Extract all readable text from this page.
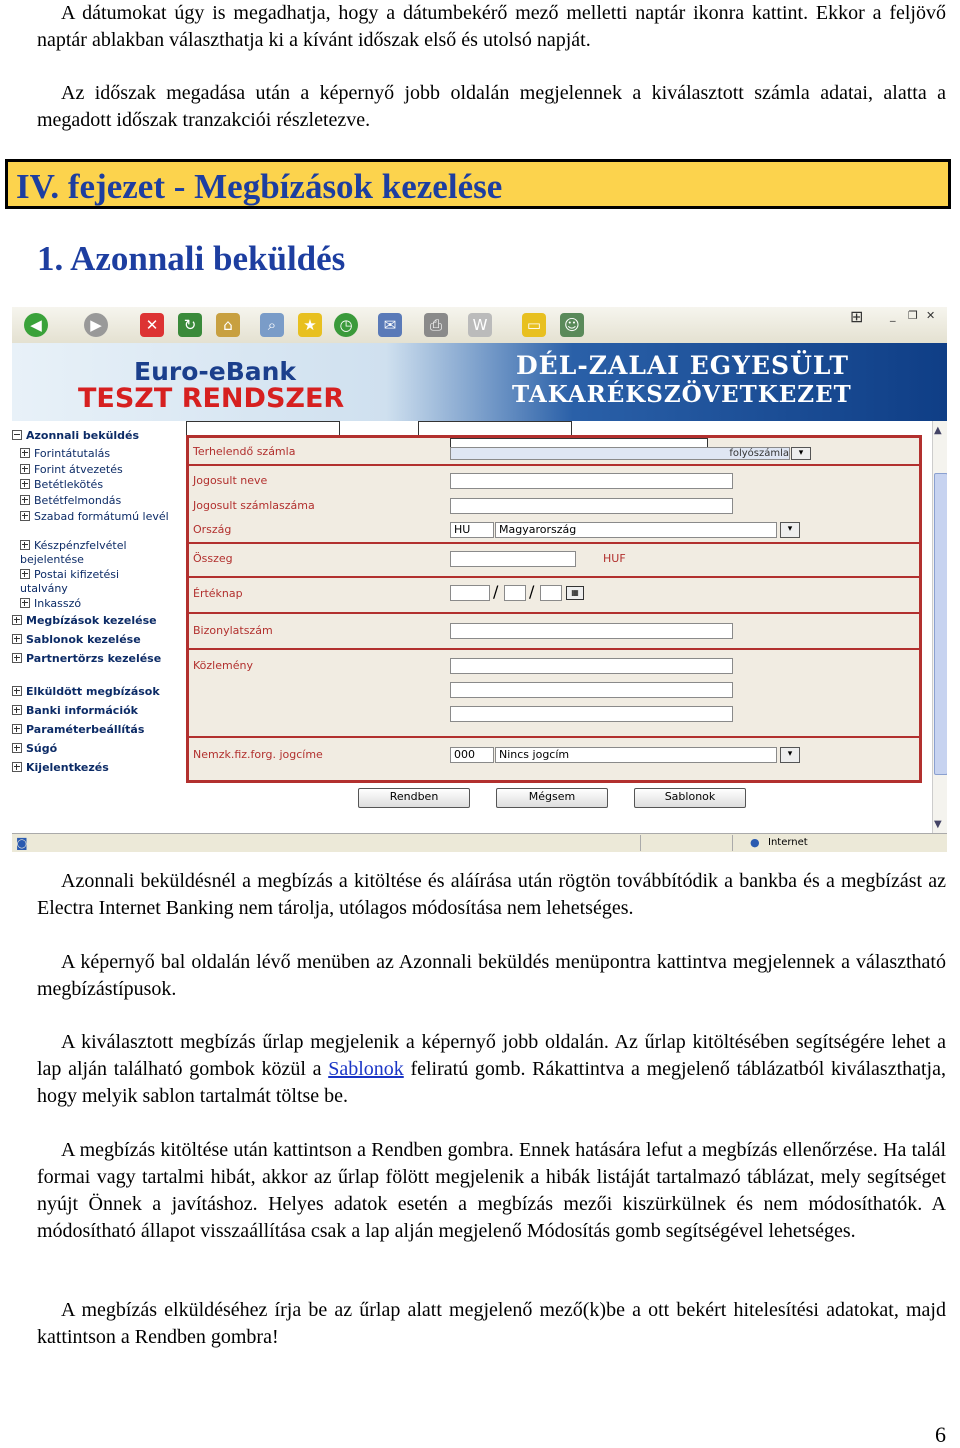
A dátumokat úgy is megadhatja, hogy a dátumbekérő mező melletti naptár ikonra kattint. Ekkor a feljövő naptár ablakban választhatja ki a kívánt időszak első és utolsó napját.
Az időszak megadása után a képernyő jobb oldalán megjelennek a kiválasztott számla adatai, alatta a megadott időszak tranzakciói részletezve.
IV. fejezet - Megbízások kezelése
1. Azonnali beküldés
◀	▶	✕	↻	⌂	⌕	★	◷	✉	⎙	W	▭	☺	⊞ _ ❐ ✕
Euro-eBank
TESZT RENDSZER
DÉL-ZALAI EGYESÜLT
TAKARÉKSZÖVETKEZET
Azonnali beküldés
Forintátutalás
Forint átvezetés
Betétlekötés
Betétfelmondás
Szabad formátumú levél
Készpénzfelvétel bejelentése
Postai kifizetési utalvány
Inkasszó
Megbízások kezelése
Sablonok kezelése
Partnertörzs kezelése
Elküldött megbízások
Banki információk
Paraméterbeállítás
Súgó
Kijelentkezés
Terhelendő számla	folyószámla	▾
Jogosult neve
Jogosult számlaszáma
Ország	HU	Magyarország	▾
Összeg	HUF
Értéknap	/ /	▦
Bizonylatszám
Közlemény
Nemzk.fiz.forg. jogcíme	000	Nincs jogcím	▾
Rendben	Mégsem	Sablonok
▲
▼
◙	● Internet
Azonnali beküldésnél a megbízás a kitöltése és aláírása után rögtön továbbítódik a bankba és a megbízást az Electra Internet Banking nem tárolja, utólagos módosítása nem lehetséges.
A képernyő bal oldalán lévő menüben az Azonnali beküldés menüpontra kattintva megjelennek a választható megbízástípusok.
A kiválasztott megbízás űrlap megjelenik a képernyő jobb oldalán. Az űrlap kitöltésében segítségére lehet a lap alján található gombok közül a Sablonok feliratú gomb. Rákattintva a megjelenő táblázatból kiválaszthatja, hogy melyik sablon tartalmát töltse be.
A megbízás kitöltése után kattintson a Rendben gombra. Ennek hatására lefut a megbízás ellenőrzése. Ha talál formai vagy tartalmi hibát, akkor az űrlap fölött megjelenik a hibák listáját tartalmazó táblázat, mely segítséget nyújt Önnek a javításhoz. Helyes adatok esetén a megbízás mezői kiszürkülnek és nem módosíthatók. A módosítható állapot visszaállítása csak a lap alján megjelenő Módosítás gomb segítségével lehetséges.
A megbízás elküldéséhez írja be az űrlap alatt megjelenő mező(k)be a ott bekért hitelesítési adatokat, majd kattintson a Rendben gombra!
6
